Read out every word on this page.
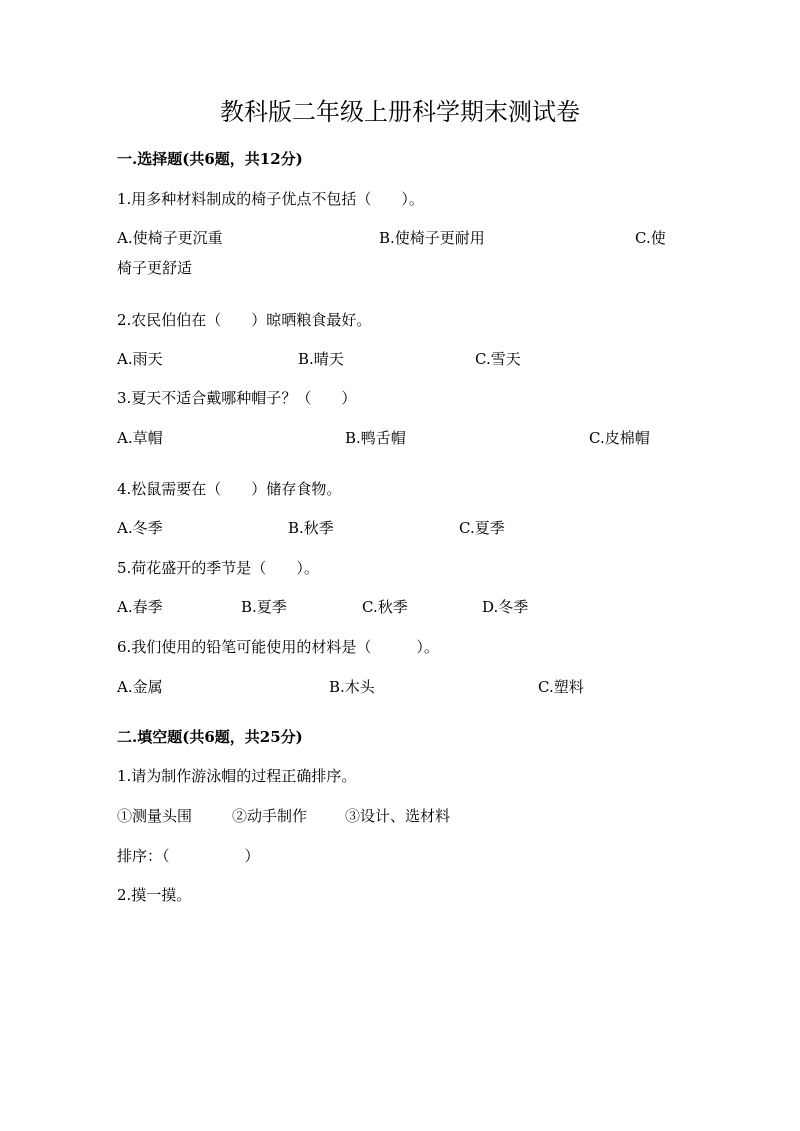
教科版二年级上册科学期末测试卷
一.选择题(共6题，共12分)
1.用多种材料制成的椅子优点不包括（　　）。
A.使椅子更沉重	B.使椅子更耐用	C.使
椅子更舒适
2.农民伯伯在（　　）晾晒粮食最好。
A.雨天	B.晴天	C.雪天
3.夏天不适合戴哪种帽子？（　　）
A.草帽	B.鸭舌帽	C.皮棉帽
4.松鼠需要在（　　）储存食物。
A.冬季	B.秋季	C.夏季
5.荷花盛开的季节是（　　）。
A.春季	B.夏季	C.秋季	D.冬季
6.我们使用的铅笔可能使用的材料是（　　　）。
A.金属	B.木头	C.塑料
二.填空题(共6题，共25分)
1.请为制作游泳帽的过程正确排序。
①测量头围	②动手制作	③设计、选材料
排序：（　　　　　）
2.摸一摸。
